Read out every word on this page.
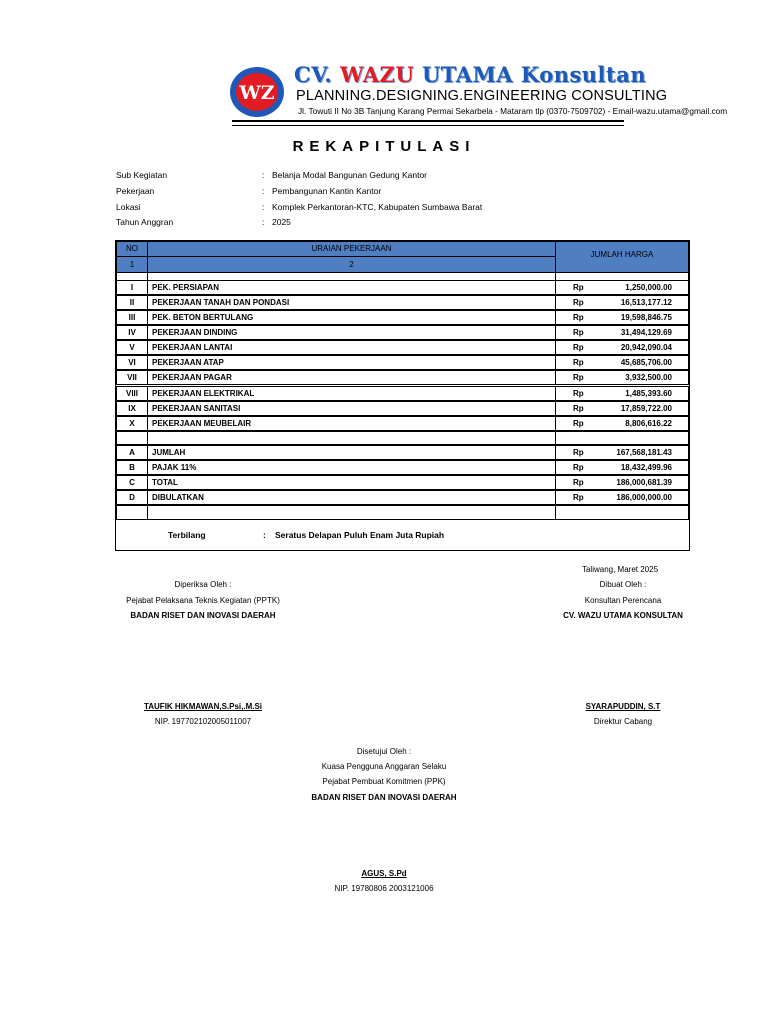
WZ
CV. WAZU UTAMA Konsultan
PLANNING.DESIGNING.ENGINEERING CONSULTING
Jl. Towuti II No 3B Tanjung Karang Permai Sekarbela - Mataram tlp (0370-7509702) - Email-wazu.utama@gmail.com
REKAPITULASI
Sub Kegiatan	: Belanja Modal Bangunan Gedung Kantor
Pekerjaan	: Pembangunan Kantin Kantor
Lokasi	: Komplek Perkantoran-KTC, Kabupaten Sumbawa Barat
Tahun Anggran	: 2025
NO	URAIAN PEKERJAAN
JUMLAH HARGA
1	2
I	PEK. PERSIAPAN	Rp	1,250,000.00
II	PEKERJAAN TANAH DAN PONDASI	Rp	16,513,177.12
III	PEK. BETON BERTULANG	Rp	19,598,846.75
IV	PEKERJAAN DINDING	Rp	31,494,129.69
V	PEKERJAAN LANTAI	Rp	20,942,090.04
VI	PEKERJAAN ATAP	Rp	45,685,706.00
VII	PEKERJAAN PAGAR	Rp	3,932,500.00
VIII	PEKERJAAN ELEKTRIKAL	Rp	1,485,393.60
IX	PEKERJAAN SANITASI	Rp	17,859,722.00
X	PEKERJAAN MEUBELAIR	Rp	8,806,616.22
A	JUMLAH	Rp	167,568,181.43
B	PAJAK 11%	Rp	18,432,499.96
C	TOTAL	Rp	186,000,681.39
D	DIBULATKAN	Rp	186,000,000.00
Terbilang	: Seratus Delapan Puluh Enam Juta Rupiah
Taliwang, Maret 2025
Diperiksa Oleh :
Pejabat Pelaksana Teknis Kegiatan (PPTK)
BADAN RISET DAN INOVASI DAERAH
TAUFIK HIKMAWAN,S.Psi,.M.Si
NIP. 197702102005011007
Dibuat Oleh :
Konsultan Perencana
CV. WAZU UTAMA KONSULTAN
SYARAPUDDIN, S.T
Direktur Cabang
Disetujui Oleh :
Kuasa Pengguna Anggaran Selaku
Pejabat Pembuat Komitmen (PPK)
BADAN RISET DAN INOVASI DAERAH
AGUS, S.Pd
NIP. 19780806 2003121006
